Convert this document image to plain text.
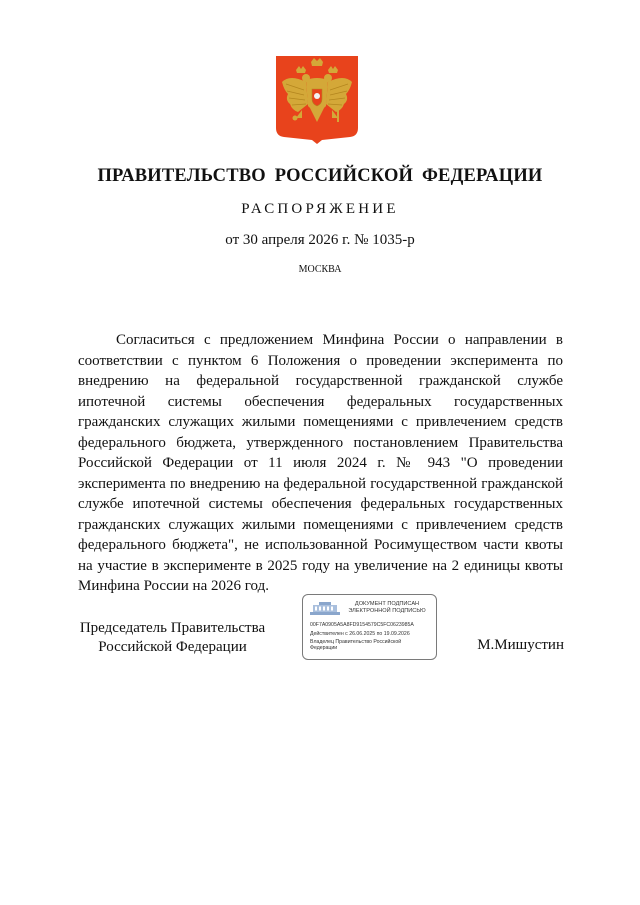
ПРАВИТЕЛЬСТВО РОССИЙСКОЙ ФЕДЕРАЦИИ
РАСПОРЯЖЕНИЕ
от 30 апреля 2026 г. № 1035-р
МОСКВА

Согласиться с предложением Минфина России о направлении в соответствии с пунктом 6 Положения о проведении эксперимента по внедрению на федеральной государственной гражданской службе ипотечной системы обеспечения федеральных государственных гражданских служащих жилыми помещениями с привлечением средств федерального бюджета, утвержденного постановлением Правительства Российской Федерации от 11 июля 2024 г. № 943 "О проведении эксперимента по внедрению на федеральной государственной гражданской службе ипотечной системы обеспечения федеральных государственных гражданских служащих жилыми помещениями с привлечением средств федерального бюджета", не использованной Росимуществом части квоты на участие в эксперименте в 2025 году на увеличение на 2 единицы квоты Минфина России на 2026 год.

Председатель Правительства
Российской Федерации
ДОКУМЕНТ ПОДПИСАН
ЭЛЕКТРОННОЙ ПОДПИСЬЮ
00F7A0905A5A8FD9154579C5FC0623985A
Действителен с 26.06.2025 по 19.09.2026
Владелец Правительство Российской
Федерации	М.Мишустин
